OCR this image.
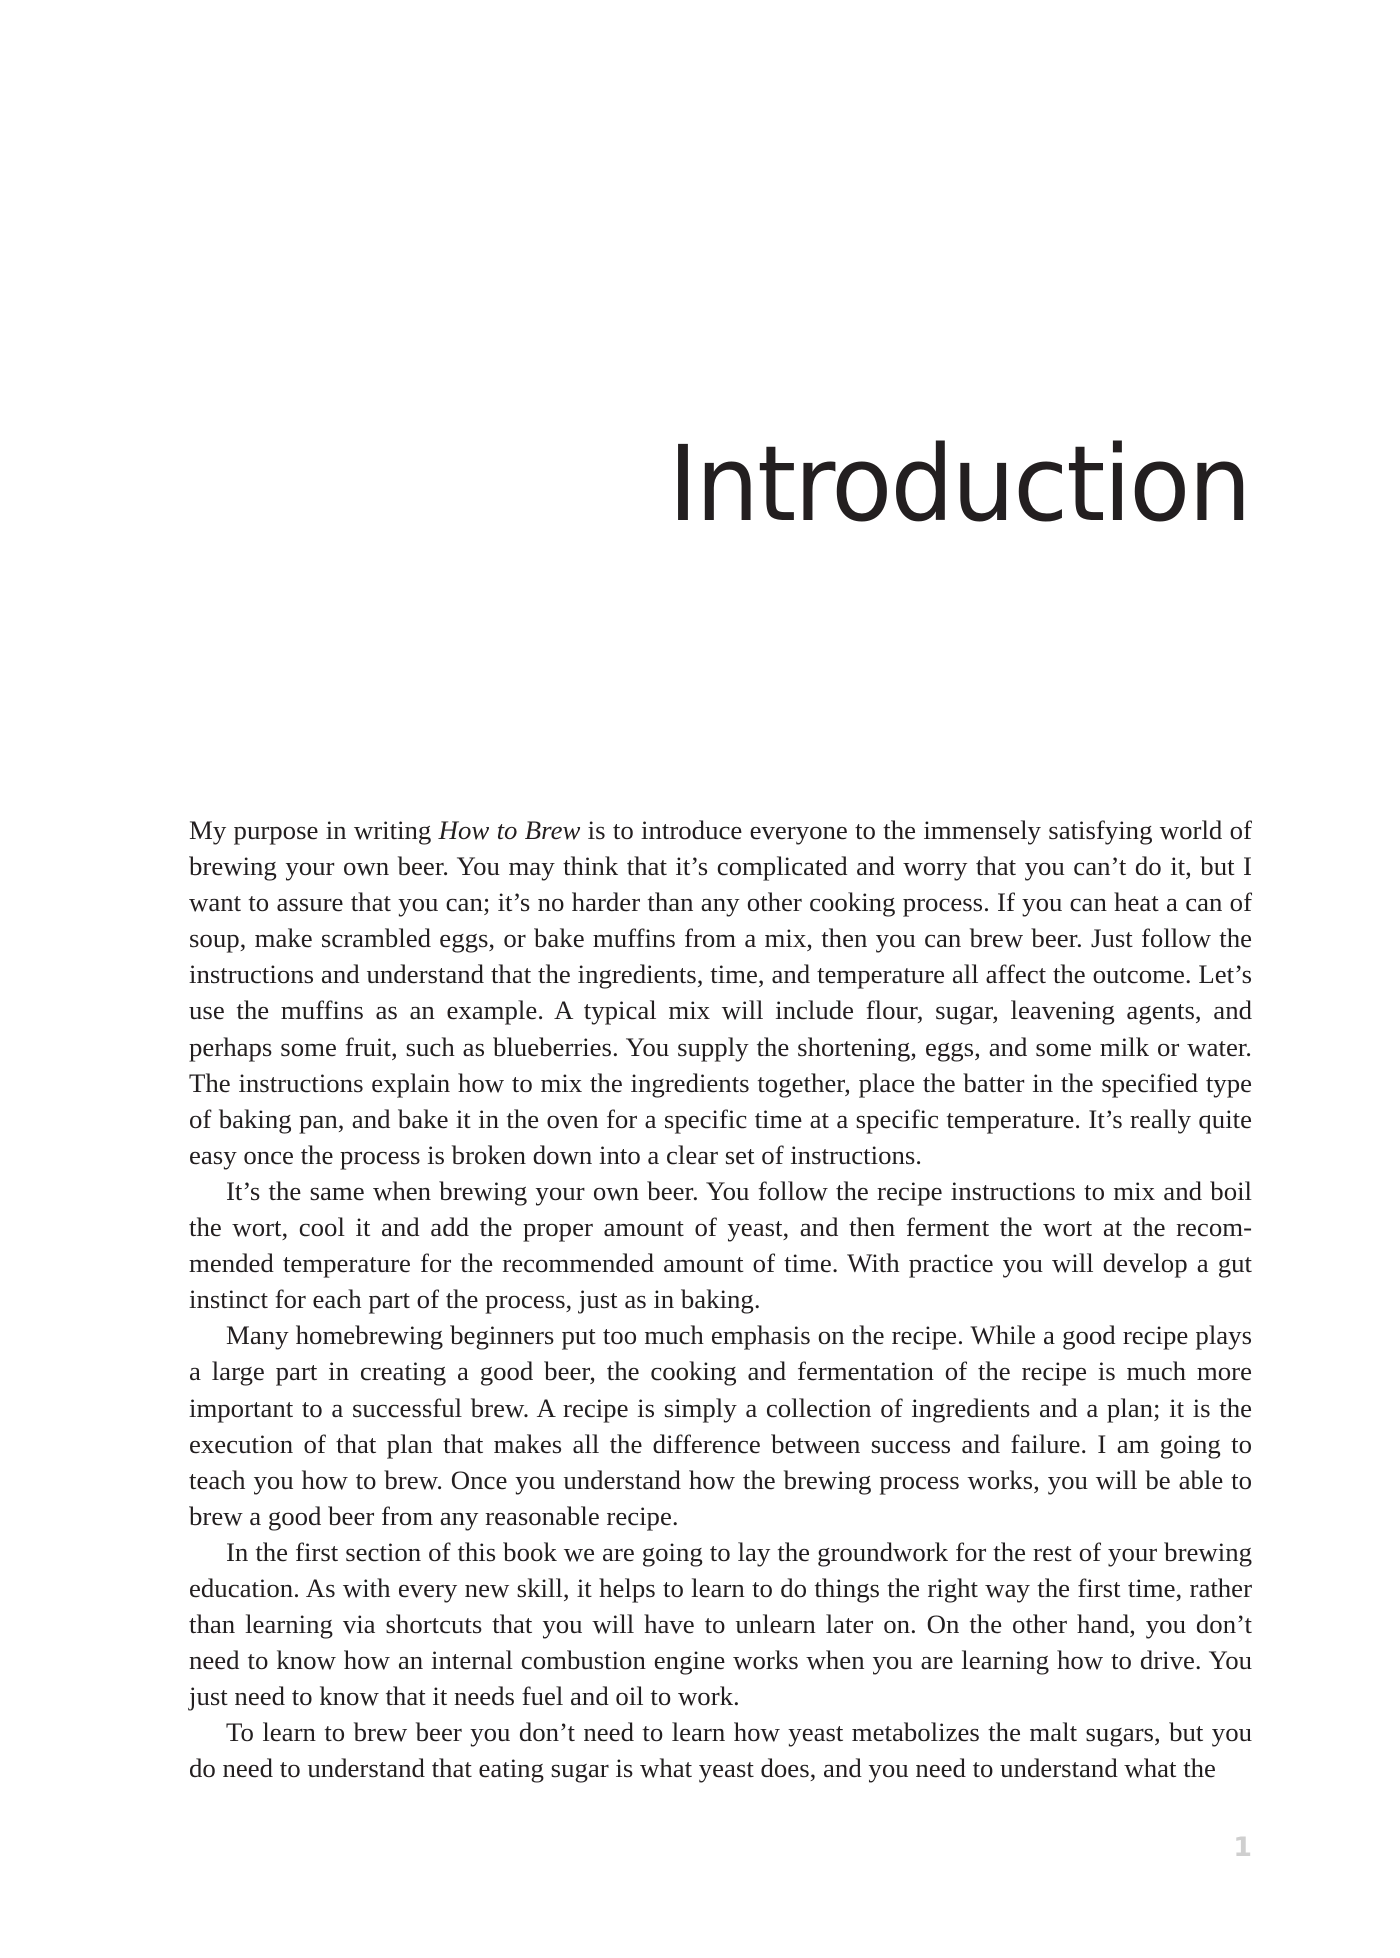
Introduction

My purpose in writing How to Brew is to introduce everyone to the immensely satisfying world of brewing your own beer. You may think that it’s complicated and worry that you can’t do it, but I want to assure that you can; it’s no harder than any other cooking process. If you can heat a can of soup, make scrambled eggs, or bake muffins from a mix, then you can brew beer. Just follow the instructions and understand that the ingredients, time, and temperature all affect the outcome. Let’s use the muffins as an example. A typical mix will include flour, sugar, leavening agents, and perhaps some fruit, such as blueberries. You supply the shortening, eggs, and some milk or water. The instructions explain how to mix the ingredients together, place the batter in the specified type of baking pan, and bake it in the oven for a specific time at a specific temperature. It’s really quite easy once the process is broken down into a clear set of instructions.

It’s the same when brewing your own beer. You follow the recipe instructions to mix and boil the wort, cool it and add the proper amount of yeast, and then ferment the wort at the recommended temperature for the recommended amount of time. With practice you will develop a gut instinct for each part of the process, just as in baking.

Many homebrewing beginners put too much emphasis on the recipe. While a good recipe plays a large part in creating a good beer, the cooking and fermentation of the recipe is much more important to a successful brew. A recipe is simply a collection of ingredients and a plan; it is the execution of that plan that makes all the difference between success and failure. I am going to teach you how to brew. Once you understand how the brewing process works, you will be able to brew a good beer from any reasonable recipe.

In the first section of this book we are going to lay the groundwork for the rest of your brewing education. As with every new skill, it helps to learn to do things the right way the first time, rather than learning via shortcuts that you will have to unlearn later on. On the other hand, you don’t need to know how an internal combustion engine works when you are learning how to drive. You just need to know that it needs fuel and oil to work.

To learn to brew beer you don’t need to learn how yeast metabolizes the malt sugars, but you do need to understand that eating sugar is what yeast does, and you need to understand what the

1
